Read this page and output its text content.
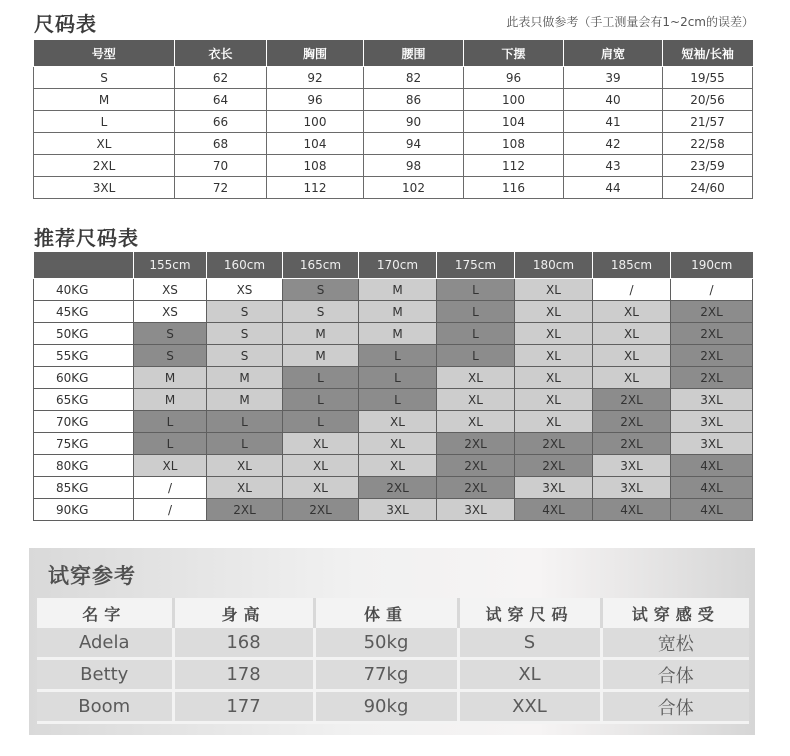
尺码表	此表只做参考（手工测量会有1~2cm的误差）
号型	衣长	胸围	腰围	下摆	肩宽	短袖/长袖
S	62	92	82	96	39	19/55
M	64	96	86	100	40	20/56
L	66	100	90	104	41	21/57
XL	68	104	94	108	42	22/58
2XL	70	108	98	112	43	23/59
3XL	72	112	102	116	44	24/60
推荐尺码表
	155cm	160cm	165cm	170cm	175cm	180cm	185cm	190cm
40KG	XS	XS	S	M	L	XL	/	/
45KG	XS	S	S	M	L	XL	XL	2XL
50KG	S	S	M	M	L	XL	XL	2XL
55KG	S	S	M	L	L	XL	XL	2XL
60KG	M	M	L	L	XL	XL	XL	2XL
65KG	M	M	L	L	XL	XL	2XL	3XL
70KG	L	L	L	XL	XL	XL	2XL	3XL
75KG	L	L	XL	XL	2XL	2XL	2XL	3XL
80KG	XL	XL	XL	XL	2XL	2XL	3XL	4XL
85KG	/	XL	XL	2XL	2XL	3XL	3XL	4XL
90KG	/	2XL	2XL	3XL	3XL	4XL	4XL	4XL
试穿参考
名字	身高	体重	试穿尺码	试穿感受
Adela	168	50kg	S	宽松
Betty	178	77kg	XL	合体
Boom	177	90kg	XXL	合体
